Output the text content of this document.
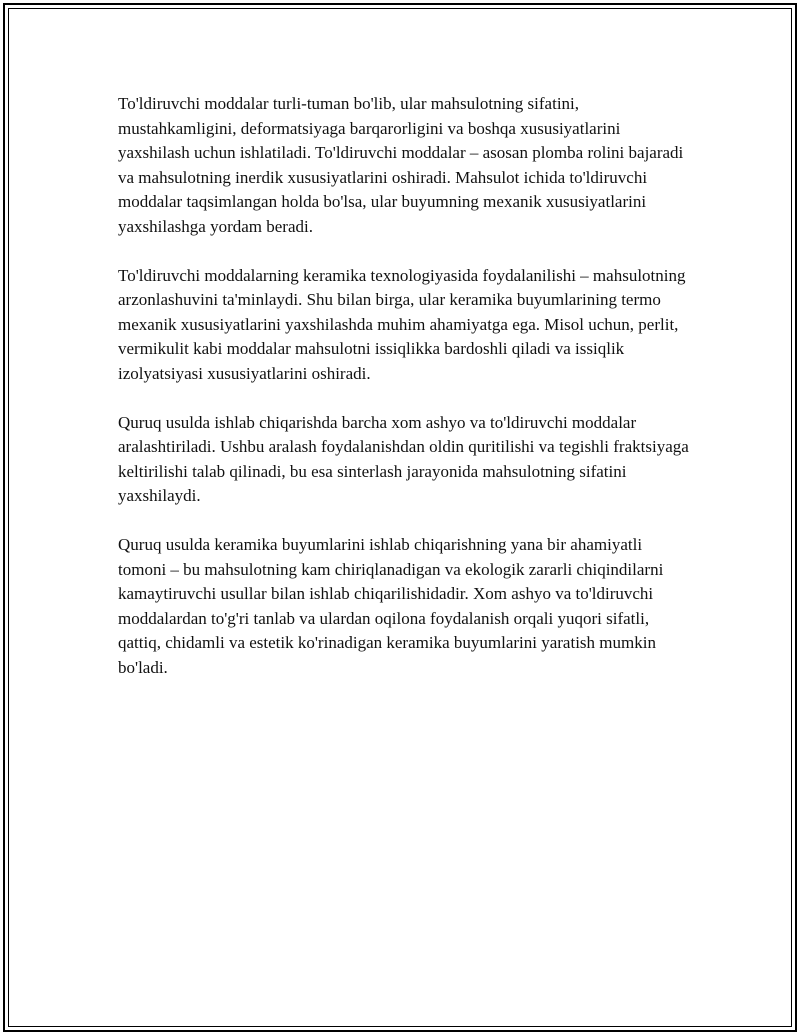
To'ldiruvchi moddalar turli-tuman bo'lib, ular mahsulotning sifatini, mustahkamligini, deformatsiyaga barqarorligini va boshqa xususiyatlarini yaxshilash uchun ishlatiladi. To'ldiruvchi moddalar – asosan plomba rolini bajaradi va mahsulotning inerdik xususiyatlarini oshiradi. Mahsulot ichida to'ldiruvchi moddalar taqsimlangan holda bo'lsa, ular buyumning mexanik xususiyatlarini yaxshilashga yordam beradi.

To'ldiruvchi moddalarning keramika texnologiyasida foydalanilishi – mahsulotning arzonlashuvini ta'minlaydi. Shu bilan birga, ular keramika buyumlarining termo mexanik xususiyatlarini yaxshilashda muhim ahamiyatga ega. Misol uchun, perlit, vermikulit kabi moddalar mahsulotni issiqlikka bardoshli qiladi va issiqlik izolyatsiyasi xususiyatlarini oshiradi.

Quruq usulda ishlab chiqarishda barcha xom ashyo va to'ldiruvchi moddalar aralashtiriladi. Ushbu aralash foydalanishdan oldin quritilishi va tegishli fraktsiyaga keltirilishi talab qilinadi, bu esa sinterlash jarayonida mahsulotning sifatini yaxshilaydi.

Quruq usulda keramika buyumlarini ishlab chiqarishning yana bir ahamiyatli tomoni – bu mahsulotning kam chiriqlanadigan va ekologik zararli chiqindilarni kamaytiruvchi usullar bilan ishlab chiqarilishidadir. Xom ashyo va to'ldiruvchi moddalardan to'g'ri tanlab va ulardan oqilona foydalanish orqali yuqori sifatli, qattiq, chidamli va estetik ko'rinadigan keramika buyumlarini yaratish mumkin bo'ladi.
